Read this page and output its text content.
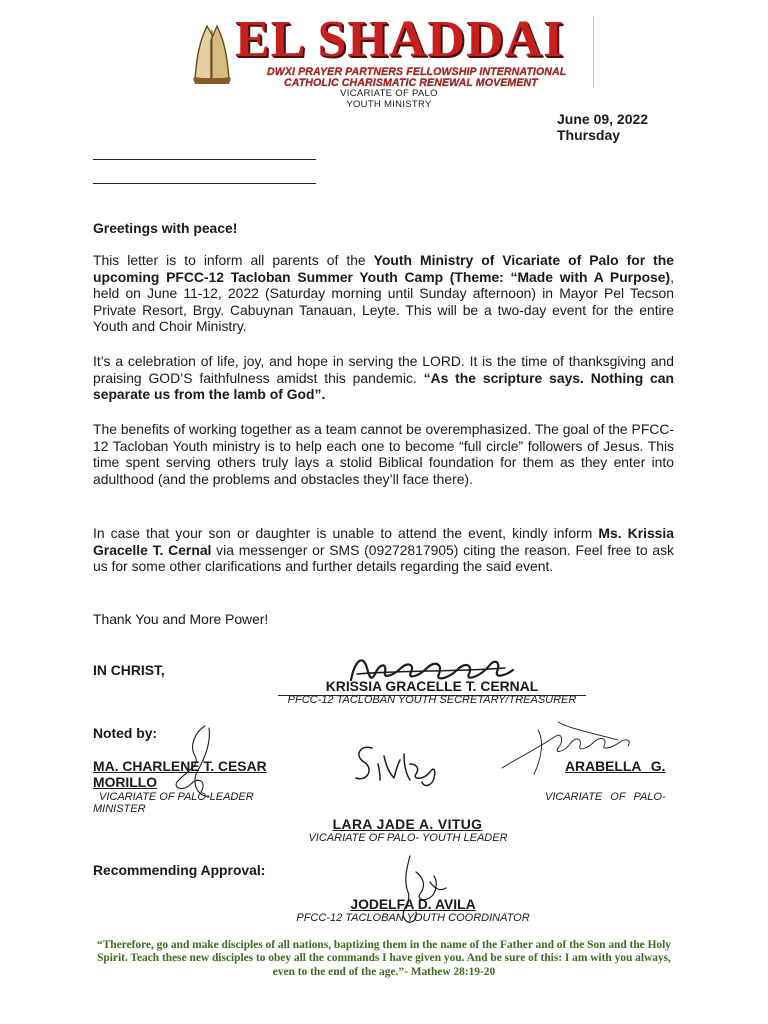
EL SHADDAI
DWXI PRAYER PARTNERS FELLOWSHIP INTERNATIONAL
CATHOLIC CHARISMATIC RENEWAL MOVEMENT
VICARIATE OF PALO
YOUTH MINISTRY
June 09, 2022
Thursday
Greetings with peace!
This letter is to inform all parents of the Youth Ministry of Vicariate of Palo for the upcoming PFCC-12 Tacloban Summer Youth Camp (Theme: “Made with A Purpose), held on June 11-12, 2022 (Saturday morning until Sunday afternoon) in Mayor Pel Tecson Private Resort, Brgy. Cabuynan Tanauan, Leyte. This will be a two-day event for the entire Youth and Choir Ministry.
It’s a celebration of life, joy, and hope in serving the LORD. It is the time of thanksgiving and praising GOD’S faithfulness amidst this pandemic. “As the scripture says. Nothing can separate us from the lamb of God”.
The benefits of working together as a team cannot be overemphasized. The goal of the PFCC-12 Tacloban Youth ministry is to help each one to become “full circle” followers of Jesus. This time spent serving others truly lays a stolid Biblical foundation for them as they enter into adulthood (and the problems and obstacles they’ll face there).
In case that your son or daughter is unable to attend the event, kindly inform Ms. Krissia Gracelle T. Cernal via messenger or SMS (09272817905) citing the reason. Feel free to ask us for some other clarifications and further details regarding the said event.
Thank You and More Power!
IN CHRIST,
KRISSIA GRACELLE T. CERNAL
PFCC-12 TACLOBAN YOUTH SECRETARY/TREASURER
Noted by:
MA. CHARLENE T. CESAR
MORILLO
VICARIATE OF PALO-LEADER
MINISTER
ARABELLA G.
VICARIATE OF PALO-
LARA JADE A. VITUG
VICARIATE OF PALO- YOUTH LEADER
Recommending Approval:
JODELFA D. AVILA
PFCC-12 TACLOBAN YOUTH COORDINATOR
“Therefore, go and make disciples of all nations, baptizing them in the name of the Father and of the Son and the Holy Spirit. Teach these new disciples to obey all the commands I have given you. And be sure of this: I am with you always, even to the end of the age.”- Mathew 28:19-20
